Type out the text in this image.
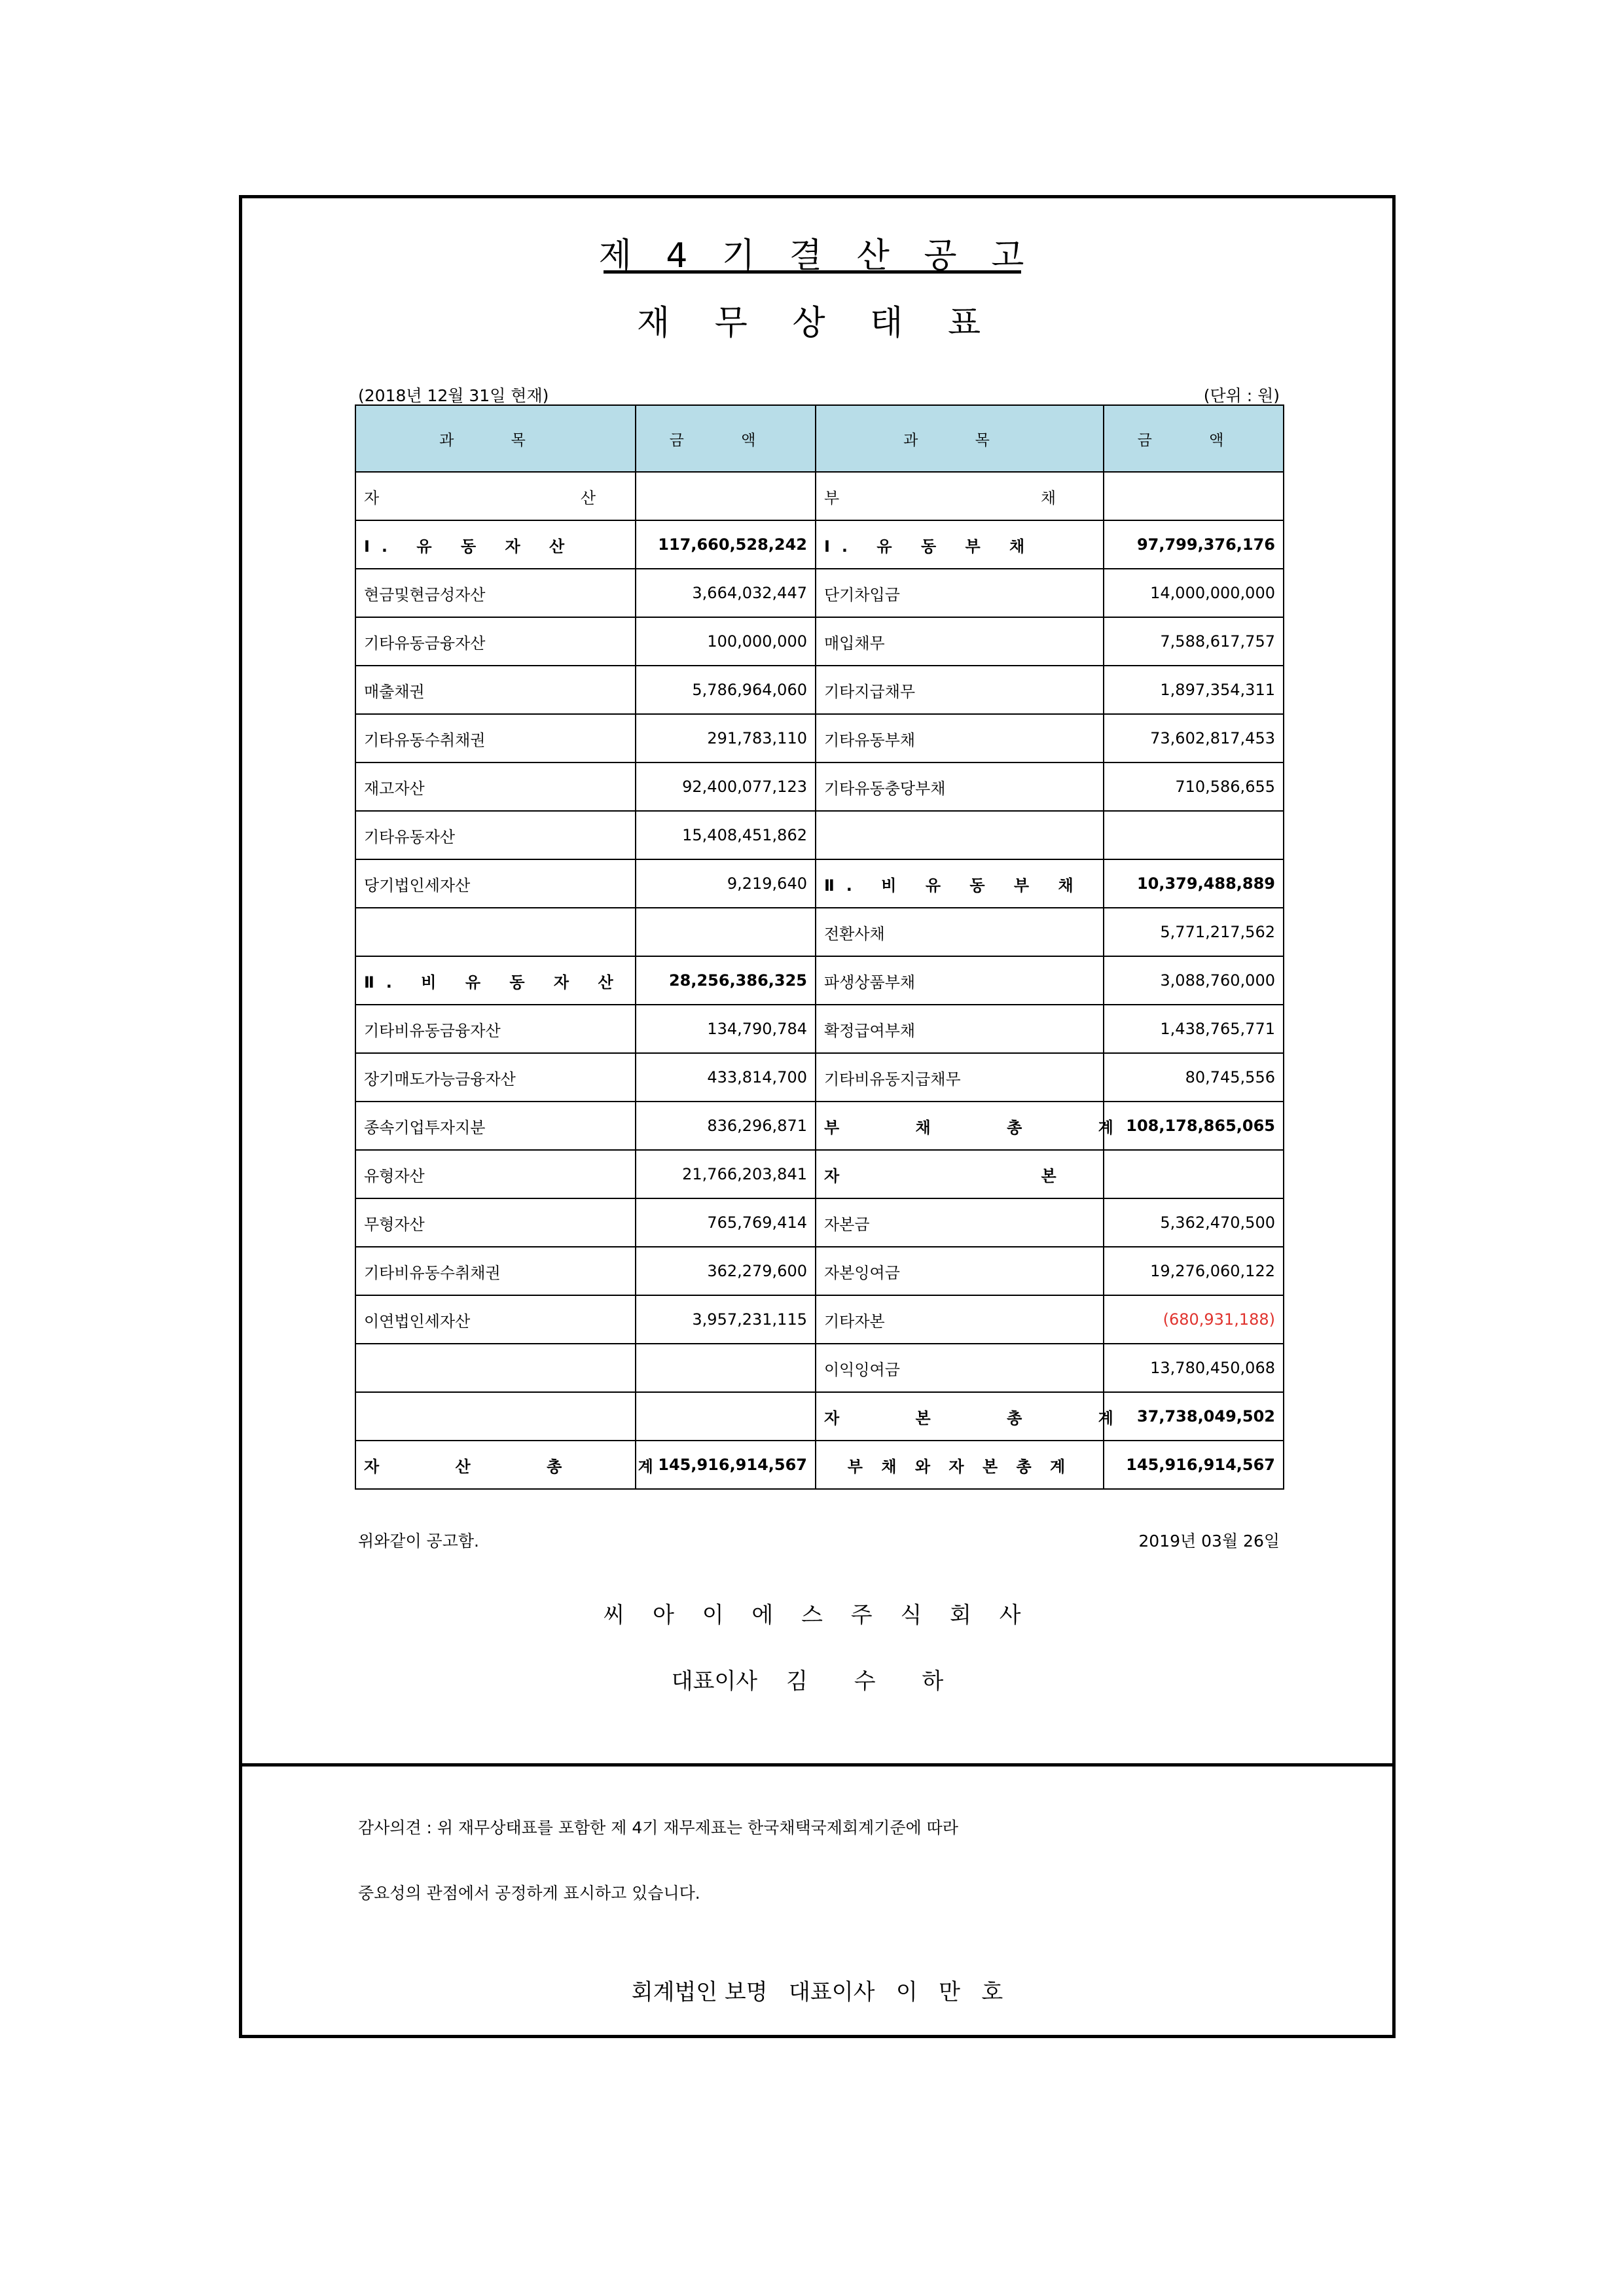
제 4 기 결 산 공 고
재 무 상 태 표
(2018년 12월 31일 현재)	(단위 : 원)
과 목	금 액	과 목	금 액
자 산		부 채	
Ⅰ. 유 동 자 산	117,660,528,242	Ⅰ. 유 동 부 채	97,799,376,176
현금및현금성자산	3,664,032,447	단기차입금	14,000,000,000
기타유동금융자산	100,000,000	매입채무	7,588,617,757
매출채권	5,786,964,060	기타지급채무	1,897,354,311
기타유동수취채권	291,783,110	기타유동부채	73,602,817,453
재고자산	92,400,077,123	기타유동충당부채	710,586,655
기타유동자산	15,408,451,862		
당기법인세자산	9,219,640	Ⅱ. 비 유 동 부 채	10,379,488,889
		전환사채	5,771,217,562
Ⅱ. 비 유 동 자 산	28,256,386,325	파생상품부채	3,088,760,000
기타비유동금융자산	134,790,784	확정급여부채	1,438,765,771
장기매도가능금융자산	433,814,700	기타비유동지급채무	80,745,556
종속기업투자지분	836,296,871	부 채 총 계	108,178,865,065
유형자산	21,766,203,841	자 본	
무형자산	765,769,414	자본금	5,362,470,500
기타비유동수취채권	362,279,600	자본잉여금	19,276,060,122
이연법인세자산	3,957,231,115	기타자본	(680,931,188)
		이익잉여금	13,780,450,068
		자 본 총 계	37,738,049,502
자 산 총 계	145,916,914,567	부 채 와 자 본 총 계	145,916,914,567
위와같이 공고함.	2019년 03월 26일
씨 아 이 에 스 주 식 회 사
대표이사 김 수 하
감사의견 : 위 재무상태표를 포함한 제 4기 재무제표는 한국채택국제회계기준에 따라
중요성의 관점에서 공정하게 표시하고 있습니다.
회계법인 보명   대표이사   이   만   호
